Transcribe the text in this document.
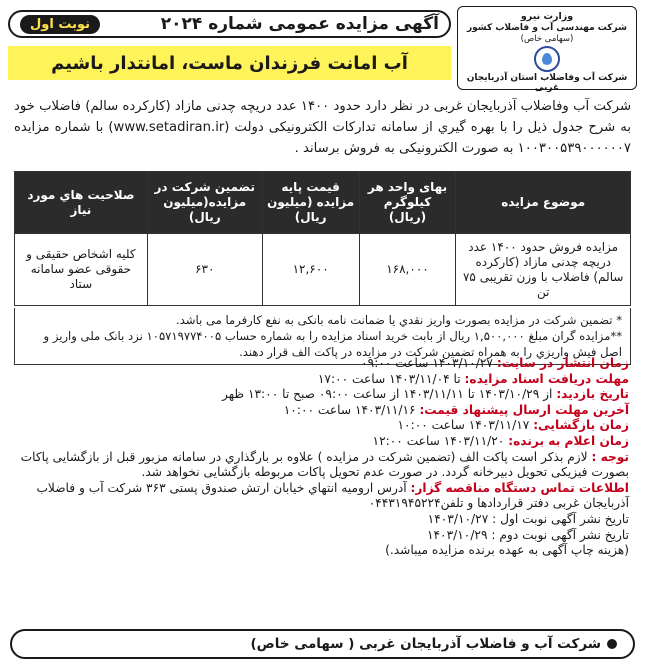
آگهی مزایده عمومی شماره ۲۰۲۴
نوبت اول
آب امانت فرزندان ماست، امانتدار باشیم
وزارت نیرو
شرکت مهندسی آب و فاضلاب کشور
(سهامی خاص)
شرکت آب وفاضلاب استان آذربایجان غربی

شرکت آب وفاضلاب آذربایجان غربی در نظر دارد حدود ۱۴۰۰ عدد دریچه چدنی مازاد (کارکرده سالم) فاضلاب خود به شرح جدول ذیل را با بهره گیري از سامانه تدارکات الکترونیکی دولت (www.setadiran.ir) با شماره مزایده ۱۰۰۳۰۰۵۳۹۰۰۰۰۰۰۷ به صورت الکترونیکی به فروش برساند .

موضوع مزایده	بهای واحد هر کیلوگرم (ریال)	قیمت پایه مزایده (میلیون ریال)	تضمین شرکت در مزایده(میلیون ریال)	صلاحیت هاي مورد نیاز
مزایده فروش حدود ۱۴۰۰ عدد دریچه چدنی مازاد (کارکرده سالم) فاضلاب با وزن تقریبی ۷۵ تن	۱۶۸,۰۰۰	۱۲,۶۰۰	۶۳۰	کلیه اشخاص حقیقی و حقوقی عضو سامانه ستاد
* تضمین شرکت در مزایده بصورت واریز نقدي یا ضمانت نامه بانکی به نفع کارفرما می باشد.
**مزایده گران مبلغ ۱,۵۰۰,۰۰۰ ریال از بابت خرید اسناد مزایده را به شماره حساب ۱۰۵۷۱۹۷۷۴۰۰۵ نزد بانک ملی واریز و اصل فیش واریزي را به همراه تضمین شرکت در مزایده در پاکت الف قرار دهند.
زمان انتشار در سایت: ۱۴۰۳/۱۰/۲۷ ساعت ۰۹:۰۰
مهلت دریافت اسناد مزایده: تا ۱۴۰۳/۱۱/۰۴ ساعت ۱۷:۰۰
تاریخ بازدید: از ۱۴۰۳/۱۰/۲۹ تا ۱۴۰۳/۱۱/۱۱ از ساعت ۰۹:۰۰ صبح تا ۱۳:۰۰ ظهر
آخرین مهلت ارسال پیشنهاد قیمت: ۱۴۰۳/۱۱/۱۶ ساعت ۱۰:۰۰
زمان بازگشایی: ۱۴۰۳/۱۱/۱۷ ساعت ۱۰:۰۰
زمان اعلام به برنده: ۱۴۰۳/۱۱/۲۰ ساعت ۱۲:۰۰
توجه : لازم بذکر است پاکت الف (تضمین شرکت در مزایده ) علاوه بر بارگذاري در سامانه مزبور قبل از بازگشایی پاکات بصورت فیزیکی تحویل دبیرخانه گردد. در صورت عدم تحویل پاکات مربوطه بازگشایی نخواهد شد.
اطلاعات تماس دستگاه مناقصه گزار: آدرس ارومیه انتهاي خیابان ارتش صندوق پستی ۳۶۳ شرکت آب و فاضلاب آذربایجان غربی دفتر قراردادها و تلفن۰۴۴۳۱۹۴۵۲۲۴
تاریخ نشر آگهی نوبت اول : ۱۴۰۳/۱۰/۲۷
تاریخ نشر آگهی نوبت دوم : ۱۴۰۳/۱۰/۲۹
(هزینه چاپ آگهی به عهده برنده مزایده میباشد.)
شرکت آب و فاضلاب آذربایجان غربی ( سهامی خاص)
